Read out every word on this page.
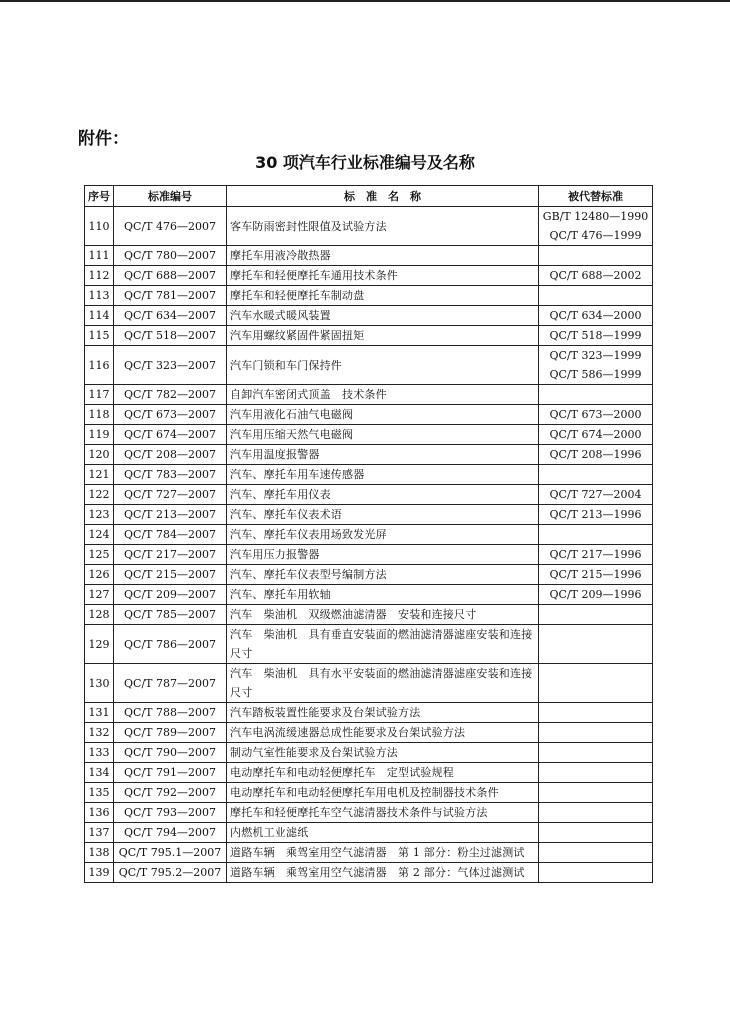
附件：
30 项汽车行业标准编号及名称
序号	标准编号	标　准　名　称	被代替标准
110	QC/T 476—2007	客车防雨密封性限值及试验方法	GB/T 12480—1990
QC/T 476—1999

111	QC/T 780—2007	摩托车用液冷散热器	
112	QC/T 688—2007	摩托车和轻便摩托车通用技术条件	QC/T 688—2002

113	QC/T 781—2007	摩托车和轻便摩托车制动盘	
114	QC/T 634—2007	汽车水暖式暖风装置	QC/T 634—2000

115	QC/T 518—2007	汽车用螺纹紧固件紧固扭矩	QC/T 518—1999

116	QC/T 323—2007	汽车门锁和车门保持件	QC/T 323—1999
QC/T 586—1999

117	QC/T 782—2007	自卸汽车密闭式顶盖　技术条件	
118	QC/T 673—2007	汽车用液化石油气电磁阀	QC/T 673—2000

119	QC/T 674—2007	汽车用压缩天然气电磁阀	QC/T 674—2000

120	QC/T 208—2007	汽车用温度报警器	QC/T 208—1996

121	QC/T 783—2007	汽车、摩托车用车速传感器	
122	QC/T 727—2007	汽车、摩托车用仪表	QC/T 727—2004

123	QC/T 213—2007	汽车、摩托车仪表术语	QC/T 213—1996

124	QC/T 784—2007	汽车、摩托车仪表用场致发光屏	
125	QC/T 217—2007	汽车用压力报警器	QC/T 217—1996

126	QC/T 215—2007	汽车、摩托车仪表型号编制方法	QC/T 215—1996

127	QC/T 209—2007	汽车、摩托车用软轴	QC/T 209—1996

128	QC/T 785—2007	汽车　柴油机　双级燃油滤清器　安装和连接尺寸	
129	QC/T 786—2007	汽车　柴油机　具有垂直安装面的燃油滤清器滤座安装和连接尺寸	
130	QC/T 787—2007	汽车　柴油机　具有水平安装面的燃油滤清器滤座安装和连接尺寸	
131	QC/T 788—2007	汽车踏板装置性能要求及台架试验方法	
132	QC/T 789—2007	汽车电涡流缓速器总成性能要求及台架试验方法	
133	QC/T 790—2007	制动气室性能要求及台架试验方法	
134	QC/T 791—2007	电动摩托车和电动轻便摩托车　定型试验规程	
135	QC/T 792—2007	电动摩托车和电动轻便摩托车用电机及控制器技术条件	
136	QC/T 793—2007	摩托车和轻便摩托车空气滤清器技术条件与试验方法	
137	QC/T 794—2007	内燃机工业滤纸	
138	QC/T 795.1—2007	道路车辆　乘驾室用空气滤清器　第 1 部分：粉尘过滤测试	
139	QC/T 795.2—2007	道路车辆　乘驾室用空气滤清器　第 2 部分：气体过滤测试	
